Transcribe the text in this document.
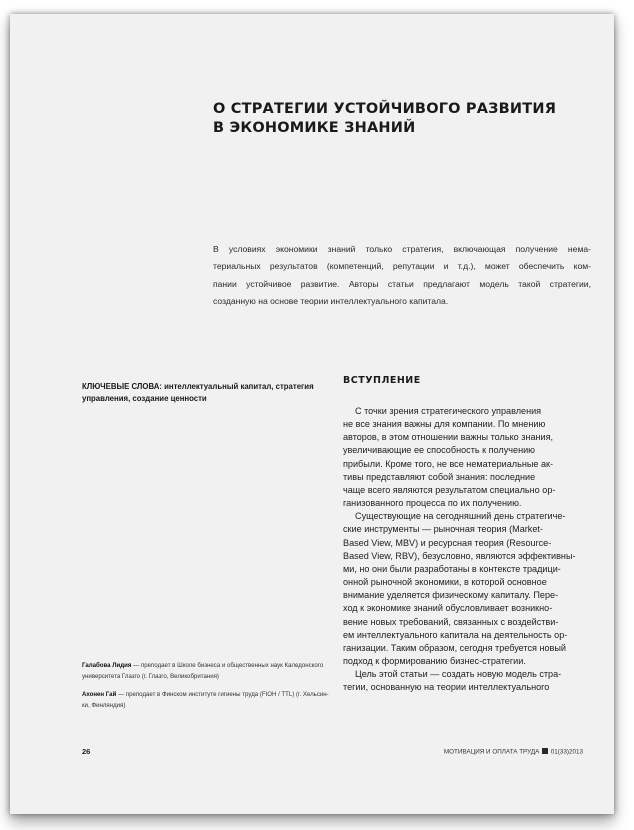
О СТРАТЕГИИ УСТОЙЧИВОГО РАЗВИТИЯ
В ЭКОНОМИКЕ ЗНАНИЙ
В условиях экономики знаний только стратегия, включающая получение нема-
териальных результатов (компетенций, репутации и т.д.), может обеспечить ком-
пании устойчивое развитие. Авторы статьи предлагают модель такой стратегии,
созданную на основе теории интеллектуального капитала.
КЛЮЧЕВЫЕ СЛОВА: интеллектуальный капитал, стратегия
управления, создание ценности
ВСТУПЛЕНИЕ
С точки зрения стратегического управления
не все знания важны для компании. По мнению
авторов, в этом отношении важны только знания,
увеличивающие ее способность к получению
прибыли. Кроме того, не все нематериальные ак-
тивы представляют собой знания: последние
чаще всего являются результатом специально ор-
ганизованного процесса по их получению.
Существующие на сегодняшний день стратегиче-
ские инструменты — рыночная теория (Market-
Based View, MBV) и ресурсная теория (Resource-
Based View, RBV), безусловно, являются эффективны-
ми, но они были разработаны в контексте традици-
онной рыночной экономики, в которой основное
внимание уделяется физическому капиталу. Пере-
ход к экономике знаний обусловливает возникно-
вение новых требований, связанных с воздействи-
ем интеллектуального капитала на деятельность ор-
ганизации. Таким образом, сегодня требуется новый
подход к формированию бизнес-стратегии.
Цель этой статьи — создать новую модель стра-
тегии, основанную на теории интеллектуального
Галабова Лидия — преподает в Школе бизнеса и общественных наук Каледонского
университета Глазго (г. Глазго, Великобритания)
Ахонен Гай — преподает в Финском институте гигиены труда (FIOH / TTL) (г. Хельсин-
ки, Финляндия)
26	МОТИВАЦИЯ И ОПЛАТА ТРУДА 01(33)2013
